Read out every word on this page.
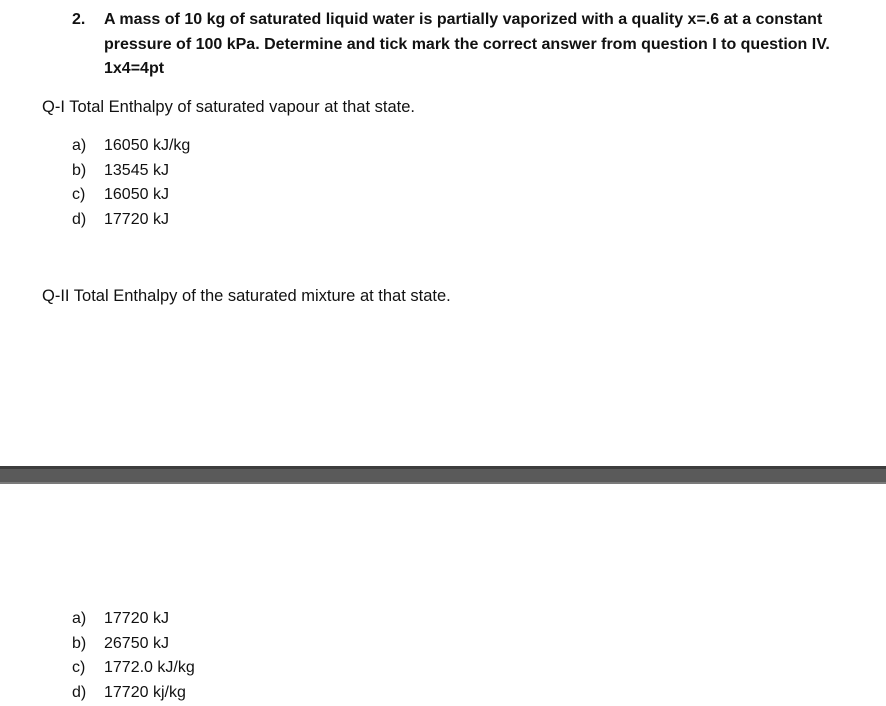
2. A mass of 10 kg of saturated liquid water is partially vaporized with a quality x=.6 at a constant pressure of 100 kPa. Determine and tick mark the correct answer from question I to question IV. 1x4=4pt
Q-I Total Enthalpy of saturated vapour at that state.
a) 16050 kJ/kg
b) 13545 kJ
c) 16050 kJ
d) 17720 kJ
Q-II Total Enthalpy of the saturated mixture at that state.
a) 17720 kJ
b) 26750 kJ
c) 1772.0 kJ/kg
d) 17720 kj/kg
